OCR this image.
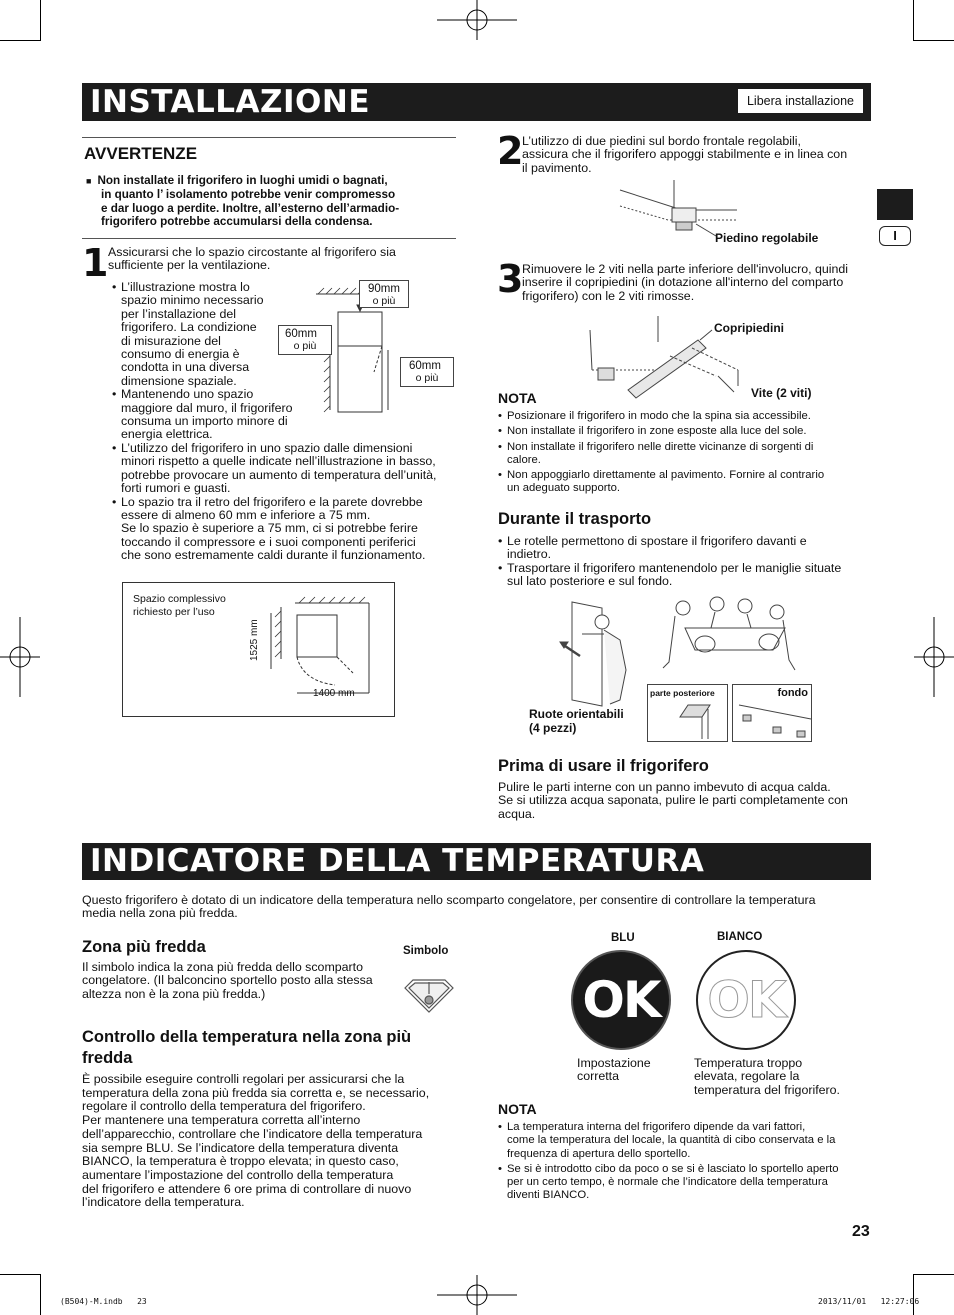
I
INSTALLAZIONE	Libera installazione
AVVERTENZE
■ Non installate il frigorifero in luoghi umidi o bagnati,
in quanto l’ isolamento potrebbe venir compromesso
e dar luogo a perdite. Inoltre, all’esterno dell’armadio-
frigorifero potrebbe accumularsi della condensa.
1 Assicurarsi che lo spazio circostante al frigorifero sia sufficiente per la ventilazione.
• L’illustrazione mostra lo
spazio minimo necessario
per l’installazione del
frigorifero. La condizione
di misurazione del
consumo di energia è
condotta in una diversa
dimensione spaziale.
• Mantenendo uno spazio
maggiore dal muro, il frigorifero
consuma un importo minore di
energia elettrica.
• L’utilizzo del frigorifero in uno spazio dalle dimensioni
minori rispetto a quelle indicate nell’illustrazione in basso,
potrebbe provocare un aumento di temperatura dell’unità,
forti rumori e guasti.
• Lo spazio tra il retro del frigorifero e la parete dovrebbe
essere di almeno 60 mm e inferiore a 75 mm.
Se lo spazio è superiore a 75 mm, ci si potrebbe ferire
toccando il compressore e i suoi componenti periferici
che sono estremamente caldi durante il funzionamento.
90mm
o più
60mm
o più
60mm
o più
Spazio complessivo richiesto per l’uso
1525 mm
1400 mm
2
L’utilizzo di due piedini sul bordo frontale regolabili,
assicura che il frigorifero appoggi stabilmente e in linea con
il pavimento.
Piedino regolabile
3
Rimuovere le 2 viti nella parte inferiore dell'involucro, quindi
inserire il copripiedini (in dotazione all'interno del comparto
frigorifero) con le 2 viti rimosse.
Copripiedini
Vite (2 viti)
NOTA
• Posizionare il frigorifero in modo che la spina sia accessibile.
• Non installate il frigorifero in zone esposte alla luce del sole.
• Non installate il frigorifero nelle dirette vicinanze di sorgenti di
calore.
• Non appoggiarlo direttamente al pavimento. Fornire al contrario
un adeguato supporto.
Durante il trasporto
• Le rotelle permettono di spostare il frigorifero davanti e
indietro.
• Trasportare il frigorifero mantenendolo per le maniglie situate
sul lato posteriore e sul fondo.
parte posteriore	fondo
Ruote orientabili
(4 pezzi)
Prima di usare il frigorifero
Pulire le parti interne con un panno imbevuto di acqua calda.
Se si utilizza acqua saponata, pulire le parti completamente con
acqua.
INDICATORE DELLA TEMPERATURA
Questo frigorifero è dotato di un indicatore della temperatura nello scomparto congelatore, per consentire di controllare la temperatura
media nella zona più fredda.
Zona più fredda
Il simbolo indica la zona più fredda dello scomparto
congelatore. (Il balconcino sportello posto alla stessa
altezza non è la zona più fredda.)
Simbolo
Controllo della temperatura nella zona più
fredda
È possibile eseguire controlli regolari per assicurarsi che la
temperatura della zona più fredda sia corretta e, se necessario,
regolare il controllo della temperatura del frigorifero.
Per mantenere una temperatura corretta all’interno
dell’apparecchio, controllare che l’indicatore della temperatura
sia sempre BLU. Se l’indicatore della temperatura diventa
BIANCO, la temperatura è troppo elevata; in questo caso,
aumentare l’impostazione del controllo della temperatura
del frigorifero e attendere 6 ore prima di controllare di nuovo
l’indicatore della temperatura.
BLU	BIANCO
OK OK
Impostazione
corretta
Temperatura troppo
elevata, regolare la
temperatura del frigorifero.
NOTA
• La temperatura interna del frigorifero dipende da vari fattori,
come la temperatura del locale, la quantità di cibo conservata e la
frequenza di apertura dello sportello.
• Se si è introdotto cibo da poco o se si è lasciato lo sportello aperto
per un certo tempo, è normale che l’indicatore della temperatura
diventi BIANCO.
23
(B504)-M.indb   23	2013/11/01   12:27:06
